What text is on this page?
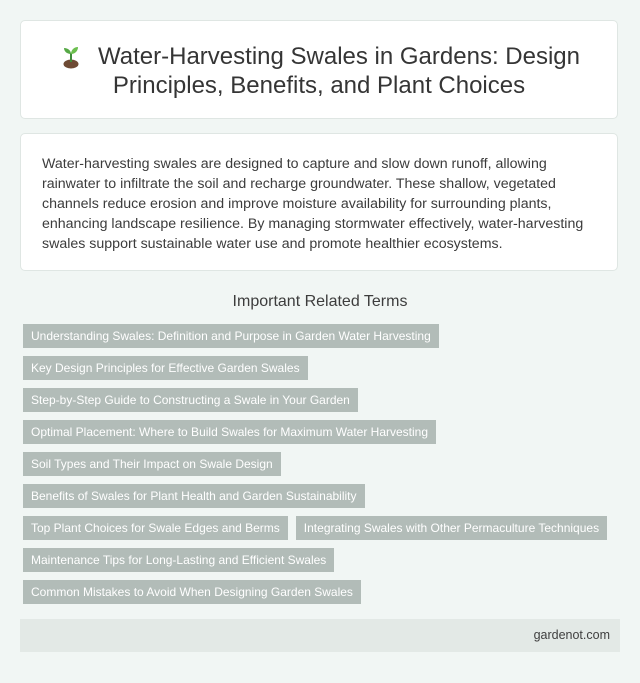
Water-Harvesting Swales in Gardens: Design
Principles, Benefits, and Plant Choices
Water-harvesting swales are designed to capture and slow down runoff, allowing rainwater to infiltrate the soil and recharge groundwater. These shallow, vegetated channels reduce erosion and improve moisture availability for surrounding plants, enhancing landscape resilience. By managing stormwater effectively, water-harvesting swales support sustainable water use and promote healthier ecosystems.
Important Related Terms
Understanding Swales: Definition and Purpose in Garden Water Harvesting
Key Design Principles for Effective Garden Swales
Step-by-Step Guide to Constructing a Swale in Your Garden
Optimal Placement: Where to Build Swales for Maximum Water Harvesting
Soil Types and Their Impact on Swale Design
Benefits of Swales for Plant Health and Garden Sustainability
Top Plant Choices for Swale Edges and Berms	Integrating Swales with Other Permaculture Techniques
Maintenance Tips for Long-Lasting and Efficient Swales
Common Mistakes to Avoid When Designing Garden Swales
gardenot.com
